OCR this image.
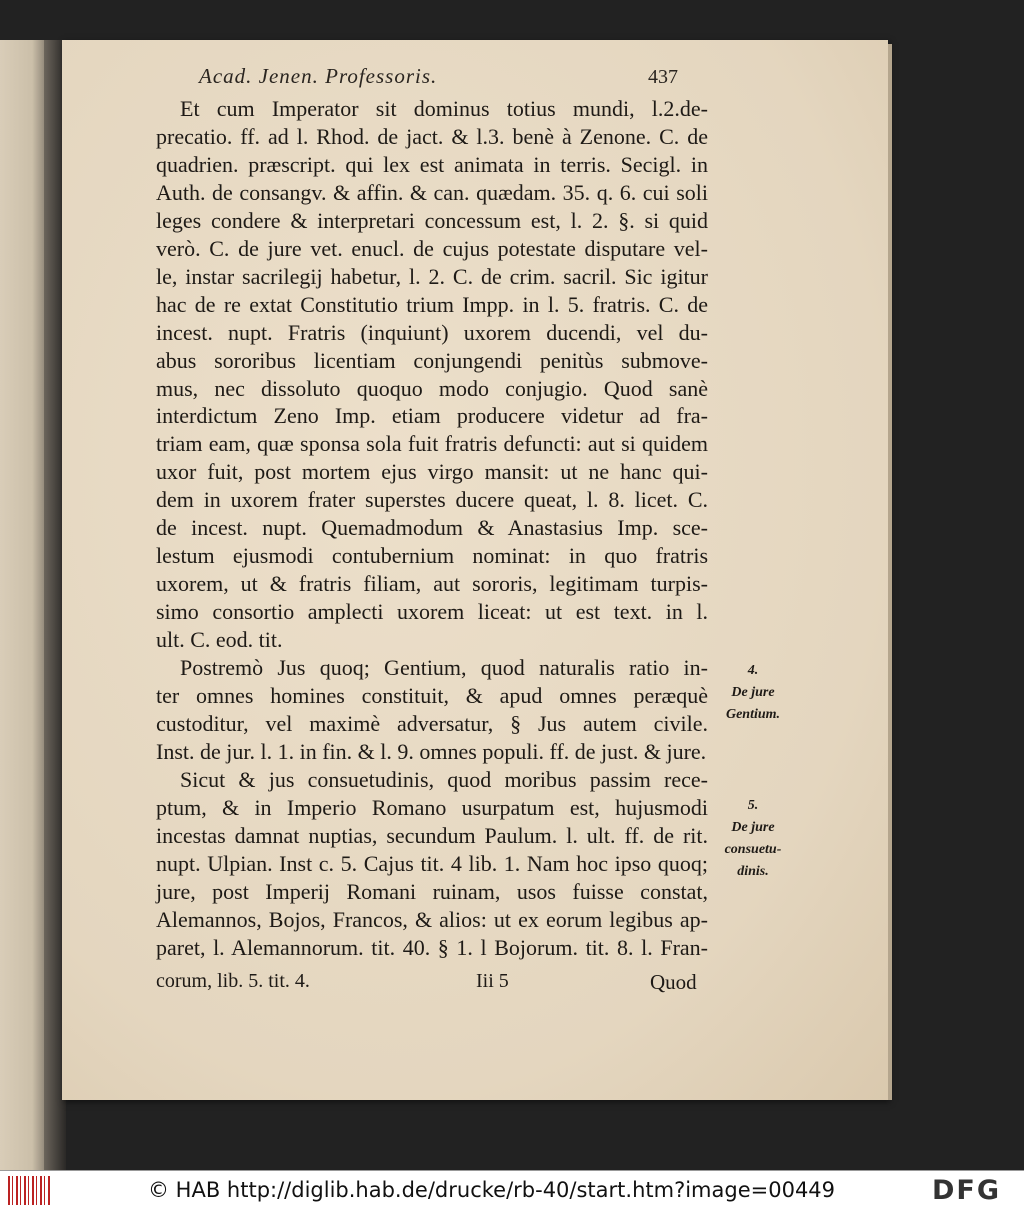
Acad. Jenen. Professoris.	437
Et cum Imperator sit dominus totius mundi, l.2.de-
precatio. ff. ad l. Rhod. de jact. & l.3. benè à Zenone. C. de
quadrien. præscript. qui lex est animata in terris. Secigl. in
Auth. de consangv. & affin. & can. quædam. 35. q. 6. cui soli
leges condere & interpretari concessum est, l. 2. §. si quid
verò. C. de jure vet. enucl. de cujus potestate disputare vel-
le, instar sacrilegij habetur, l. 2. C. de crim. sacril. Sic igitur
hac de re extat Constitutio trium Impp. in l. 5. fratris. C. de
incest. nupt. Fratris (inquiunt) uxorem ducendi, vel du-
abus sororibus licentiam conjungendi penitùs submove-
mus, nec dissoluto quoquo modo conjugio. Quod sanè
interdictum Zeno Imp. etiam producere videtur ad fra-
triam eam, quæ sponsa sola fuit fratris defuncti: aut si quidem
uxor fuit, post mortem ejus virgo mansit: ut ne hanc qui-
dem in uxorem frater superstes ducere queat, l. 8. licet. C.
de incest. nupt. Quemadmodum & Anastasius Imp. sce-
lestum ejusmodi contubernium nominat: in quo fratris
uxorem, ut & fratris filiam, aut sororis, legitimam turpis-
simo consortio amplecti uxorem liceat: ut est text. in l.
ult. C. eod. tit.
Postremò Jus quoq; Gentium, quod naturalis ratio in-
ter omnes homines constituit, & apud omnes peræquè
custoditur, vel maximè adversatur, § Jus autem civile.
Inst. de jur. l. 1. in fin. & l. 9. omnes populi. ff. de just. & jure.
Sicut & jus consuetudinis, quod moribus passim rece-
ptum, & in Imperio Romano usurpatum est, hujusmodi
incestas damnat nuptias, secundum Paulum. l. ult. ff. de rit.
nupt. Ulpian. Inst c. 5. Cajus tit. 4 lib. 1. Nam hoc ipso quoq;
jure, post Imperij Romani ruinam, usos fuisse constat,
Alemannos, Bojos, Francos, & alios: ut ex eorum legibus ap-
paret, l. Alemannorum. tit. 40. § 1. l Bojorum. tit. 8. l. Fran-
4.
De jure
Gentium.
5.
De jure
consuetu-
dinis.
corum, lib. 5. tit. 4.	Iii 5	Quod
© HAB http://diglib.hab.de/drucke/rb-40/start.htm?image=00449	DFG
